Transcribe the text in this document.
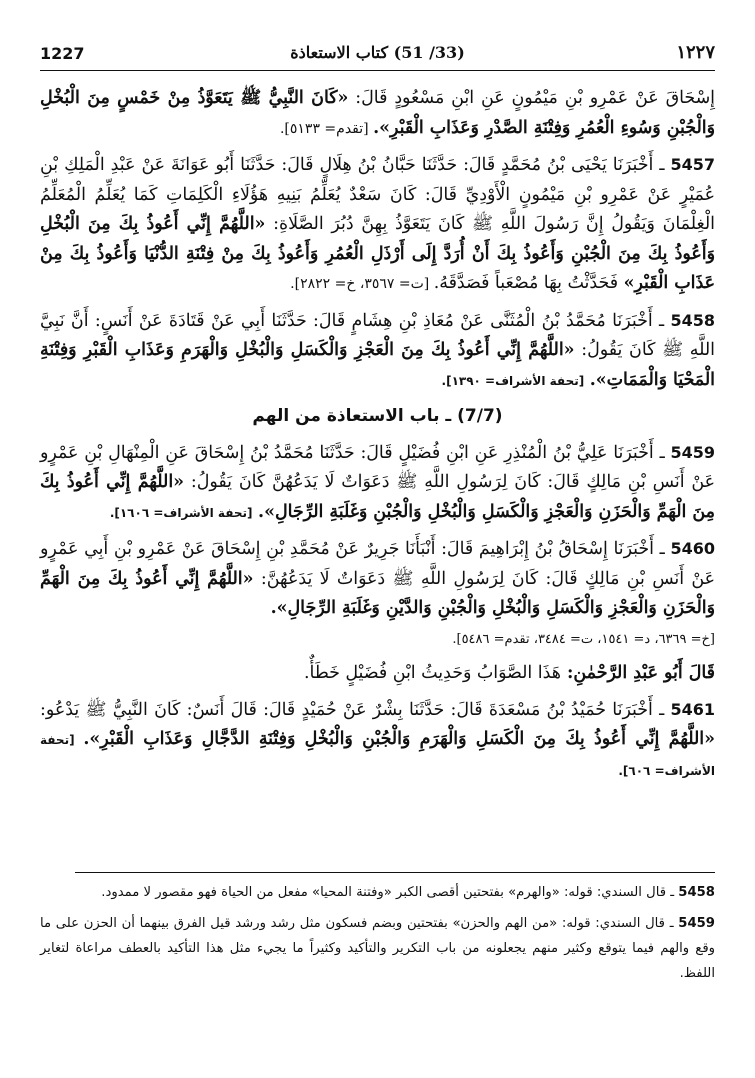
1227	(33/ 51) كتاب الاستعاذة	١٢٢٧

إِسْحَاقَ عَنْ عَمْرِو بْنِ مَيْمُونٍ عَنِ ابْنِ مَسْعُودٍ قَالَ: «كَانَ النَّبِيُّ ﷺ يَتَعَوَّذُ مِنْ خَمْسٍ مِنَ الْبُخْلِ وَالْجُبْنِ وَسُوءِ الْعُمُرِ وَفِتْنَةِ الصَّدْرِ وَعَذَابِ الْقَبْرِ». [تقدم= ٥١٣٣].

5457 ـ أَخْبَرَنَا يَحْيَى بْنُ مُحَمَّدٍ قَالَ: حَدَّثَنَا حَبَّانُ بْنُ هِلَالٍ قَالَ: حَدَّثَنَا أَبُو عَوَانَةَ عَنْ عَبْدِ الْمَلِكِ بْنِ عُمَيْرٍ عَنْ عَمْرِو بْنِ مَيْمُونٍ الْأَوْدِيِّ قَالَ: كَانَ سَعْدٌ يُعَلِّمُ بَنِيهِ هَؤُلَاءِ الْكَلِمَاتِ كَمَا يُعَلِّمُ الْمُعَلِّمُ الْغِلْمَانَ وَيَقُولُ إِنَّ رَسُولَ اللَّهِ ﷺ كَانَ يَتَعَوَّذُ بِهِنَّ دُبُرَ الصَّلَاةِ: «اللَّهُمَّ إِنِّي أَعُوذُ بِكَ مِنَ الْبُخْلِ وَأَعُوذُ بِكَ مِنَ الْجُبْنِ وَأَعُوذُ بِكَ أَنْ أُرَدَّ إِلَى أَرْذَلِ الْعُمُرِ وَأَعُوذُ بِكَ مِنْ فِتْنَةِ الدُّنْيَا وَأَعُوذُ بِكَ مِنْ عَذَابِ الْقَبْرِ» فَحَدَّثْتُ بِهَا مُصْعَباً فَصَدَّقَهُ. [ت= ٣٥٦٧، خ= ٢٨٢٢].

5458 ـ أَخْبَرَنَا مُحَمَّدُ بْنُ الْمُثَنَّى عَنْ مُعَاذِ بْنِ هِشَامٍ قَالَ: حَدَّثَنَا أَبِي عَنْ قَتَادَةَ عَنْ أَنَسٍ: أَنَّ نَبِيَّ اللَّهِ ﷺ كَانَ يَقُولُ: «اللَّهُمَّ إِنِّي أَعُوذُ بِكَ مِنَ الْعَجْزِ وَالْكَسَلِ وَالْبُخْلِ وَالْهَرَمِ وَعَذَابِ الْقَبْرِ وَفِتْنَةِ الْمَحْيَا وَالْمَمَاتِ». [تحفة الأشراف= ١٣٩٠].

(7/7) ـ باب الاستعاذة من الهم

5459 ـ أَخْبَرَنَا عَلِيُّ بْنُ الْمُنْذِرِ عَنِ ابْنِ فُضَيْلٍ قَالَ: حَدَّثَنَا مُحَمَّدُ بْنُ إِسْحَاقَ عَنِ الْمِنْهَالِ بْنِ عَمْرٍو عَنْ أَنَسِ بْنِ مَالِكٍ قَالَ: كَانَ لِرَسُولِ اللَّهِ ﷺ دَعَوَاتٌ لَا يَدَعُهُنَّ كَانَ يَقُولُ: «اللَّهُمَّ إِنِّي أَعُوذُ بِكَ مِنَ الْهَمِّ وَالْحَزَنِ وَالْعَجْزِ وَالْكَسَلِ وَالْبُخْلِ وَالْجُبْنِ وَغَلَبَةِ الرِّجَالِ». [تحفة الأشراف= ١٦٠٦].

5460 ـ أَخْبَرَنَا إِسْحَاقُ بْنُ إِبْرَاهِيمَ قَالَ: أَنْبَأَنَا جَرِيرٌ عَنْ مُحَمَّدِ بْنِ إِسْحَاقَ عَنْ عَمْرِو بْنِ أَبِي عَمْرٍو عَنْ أَنَسِ بْنِ مَالِكٍ قَالَ: كَانَ لِرَسُولِ اللَّهِ ﷺ دَعَوَاتٌ لَا يَدَعُهُنَّ: «اللَّهُمَّ إِنِّي أَعُوذُ بِكَ مِنَ الْهَمِّ وَالْحَزَنِ وَالْعَجْزِ وَالْكَسَلِ وَالْبُخْلِ وَالْجُبْنِ وَالدَّيْنِ وَغَلَبَةِ الرِّجَالِ».
[خ= ٦٣٦٩، د= ١٥٤١، ت= ٣٤٨٤، تقدم= ٥٤٨٦].

قَالَ أَبُو عَبْدِ الرَّحْمٰنِ: هَذَا الصَّوَابُ وَحَدِيثُ ابْنِ فُضَيْلٍ خَطَأٌ.

5461 ـ أَخْبَرَنَا حُمَيْدُ بْنُ مَسْعَدَةَ قَالَ: حَدَّثَنَا بِشْرٌ عَنْ حُمَيْدٍ قَالَ: قَالَ أَنَسٌ: كَانَ النَّبِيُّ ﷺ يَدْعُو: «اللَّهُمَّ إِنِّي أَعُوذُ بِكَ مِنَ الْكَسَلِ وَالْهَرَمِ وَالْجُبْنِ وَالْبُخْلِ وَفِتْنَةِ الدَّجَّالِ وَعَذَابِ الْقَبْرِ». [تحفة الأشراف= ٦٠٦].

5458 ـ قال السندي: قوله: «والهرم» بفتحتين أقصى الكبر «وفتنة المحيا» مفعل من الحياة فهو مقصور لا ممدود.

5459 ـ قال السندي: قوله: «من الهم والحزن» بفتحتين وبضم فسكون مثل رشد ورشد قيل الفرق بينهما أن الحزن على ما وقع والهم فيما يتوقع وكثير منهم يجعلونه من باب التكرير والتأكيد وكثيراً ما يجيء مثل هذا التأكيد بالعطف مراعاة لتغاير اللفظ.
